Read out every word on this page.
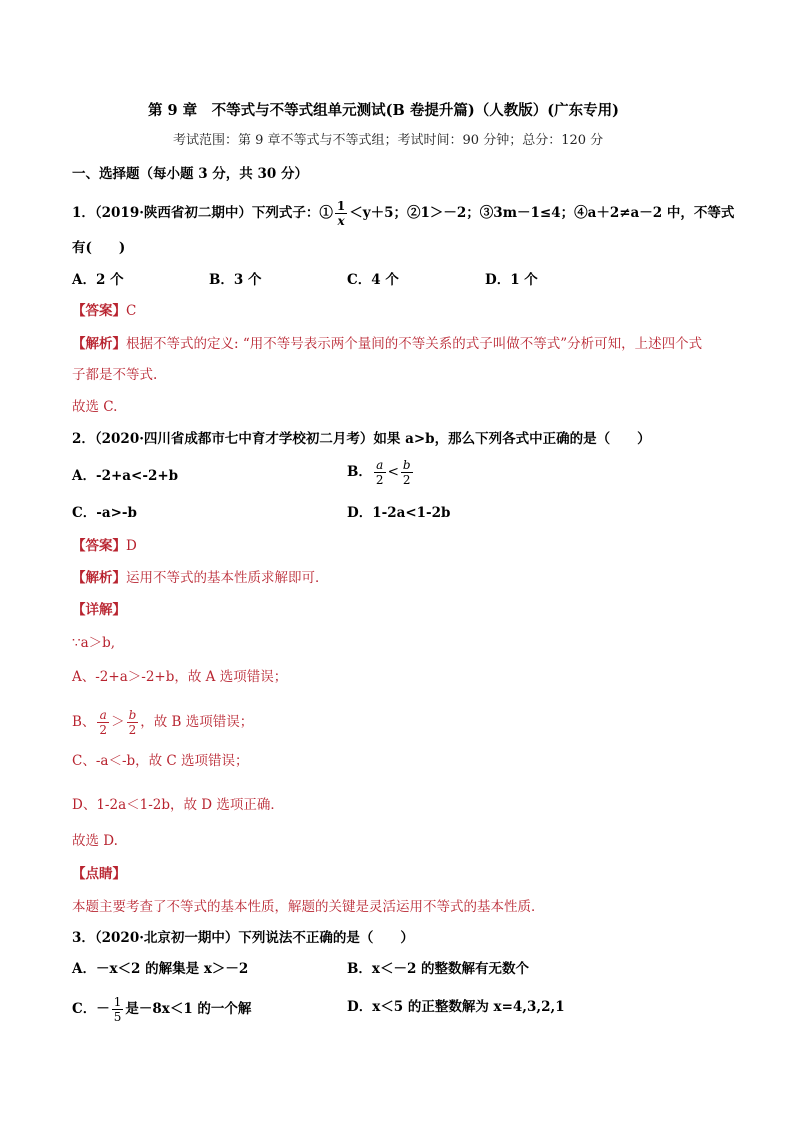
第 9 章　不等式与不等式组单元测试(B 卷提升篇)（人教版）(广东专用)
考试范围：第 9 章不等式与不等式组；考试时间：90 分钟；总分：120 分
一、选择题（每小题 3 分，共 30 分）
1．（2019·陕西省初二期中）下列式子：① $\frac{1}{x} <y+5$；②1＞－2；③3m－1≤4；④a＋2≠a－2 中，不等式
有(　　)
A．2 个	B．3 个	C．4 个	D．1 个
【答案】C
【解析】根据不等式的定义: “用不等号表示两个量间的不等关系的式子叫做不等式”分析可知，上述四个式
子都是不等式.
故选 C.
2．（2020·四川省成都市七中育才学校初二月考）如果 a>b，那么下列各式中正确的是（　　）
A．-2+a<-2+b	B． $\frac{a}{2} < \frac{b}{2}$
C．-a>-b	D．1-2a<1-2b
【答案】D
【解析】运用不等式的基本性质求解即可．
【详解】
∵a＞b,
A、-2+a＞-2+b，故 A 选项错误；
B、 $\frac{a}{2} > \frac{b}{2}$ ，故 B 选项错误；
C、-a＜-b，故 C 选项错误；
D、1-2a＜1-2b，故 D 选项正确．
故选 D.
【点睛】
本题主要考查了不等式的基本性质，解题的关键是灵活运用不等式的基本性质．
3．（2020·北京初一期中）下列说法不正确的是（　　）
A．－x＜2 的解集是 x＞－2	B．x＜－2 的整数解有无数个
C．－ $\frac{1}{5}$ 是－8x＜1 的一个解	D．x＜5 的正整数解为 x=4,3,2,1
